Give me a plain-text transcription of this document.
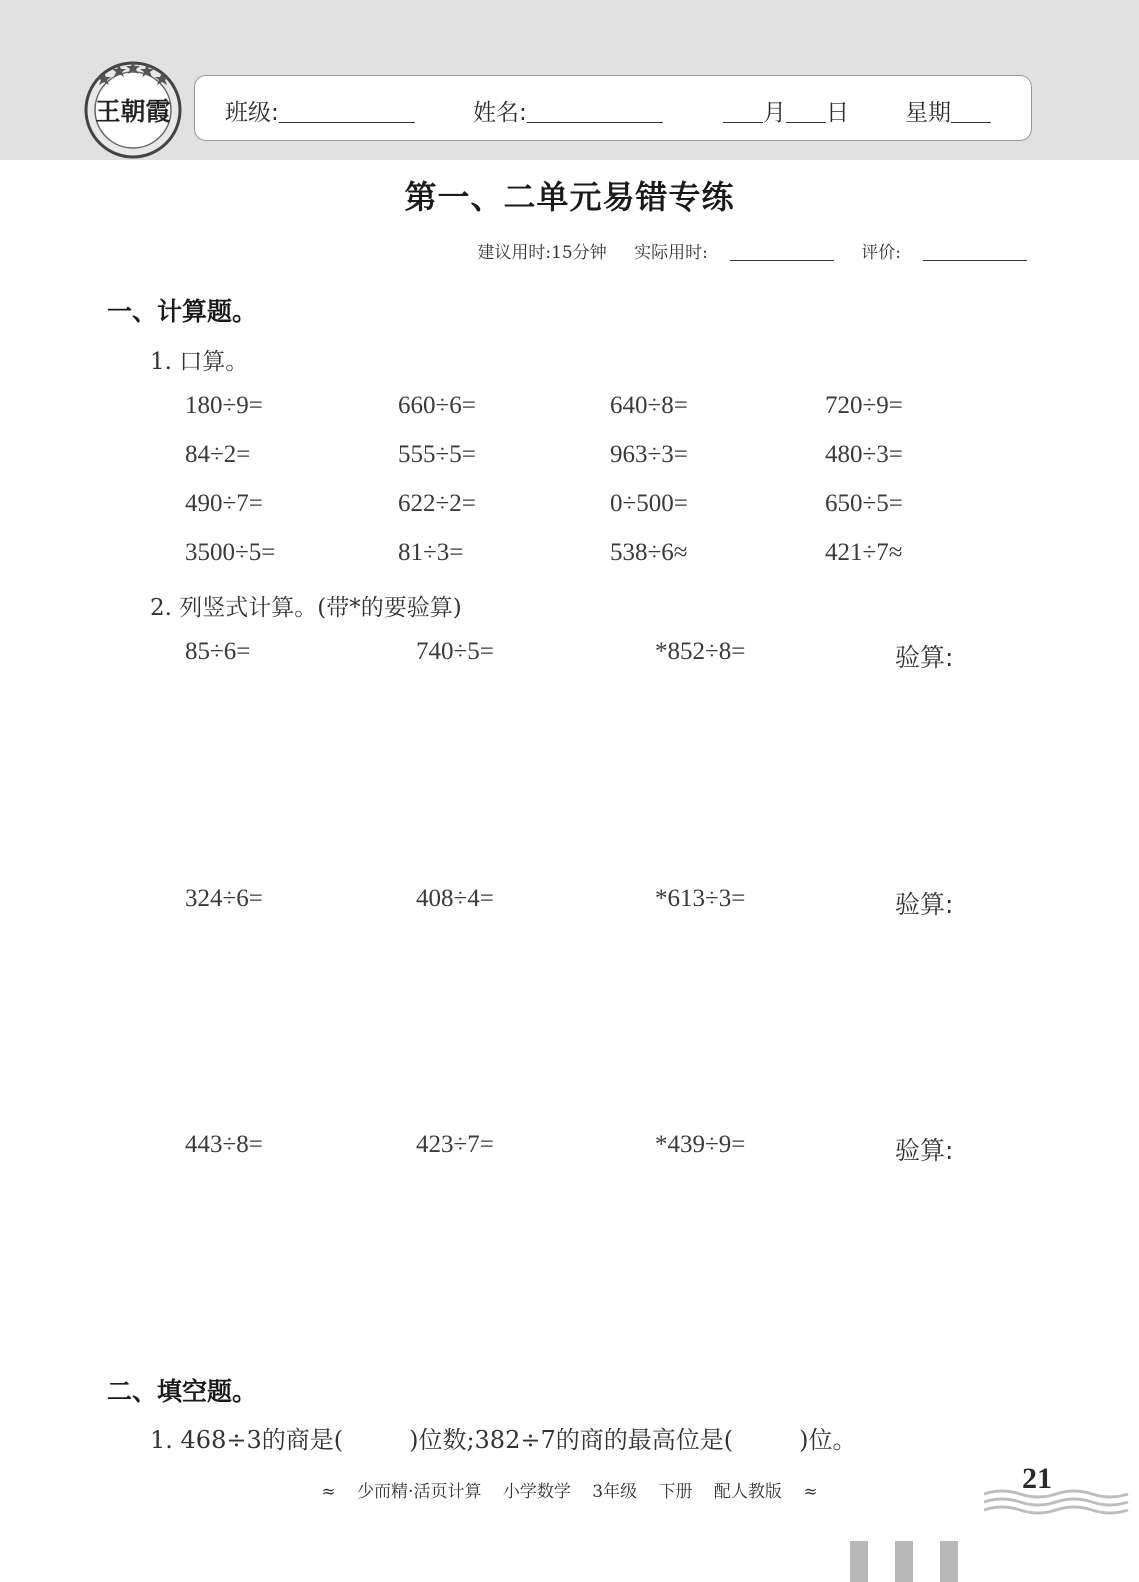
王朝霞 班级:	姓名:	月 日 星期
第一、二单元易错专练
建议用时:15分钟 实际用时:	评价:
一、计算题。
1. 口算。
180÷9=	660÷6=	640÷8=	720÷9=
84÷2=	555÷5=	963÷3=	480÷3=
490÷7=	622÷2=	0÷500=	650÷5=
3500÷5=	81÷3=	538÷6≈	421÷7≈
2. 列竖式计算。(带*的要验算)
85÷6=	740÷5=	*852÷8=	验算:
324÷6=	408÷4=	*613÷3=	验算:
443÷8=	423÷7=	*439÷9=	验算:
二、填空题。
1. 468÷3的商是(	)位数;382÷7的商的最高位是(	)位。
≈ 少而精·活页计算 小学数学 3年级 下册 配人教版 ≈	21
